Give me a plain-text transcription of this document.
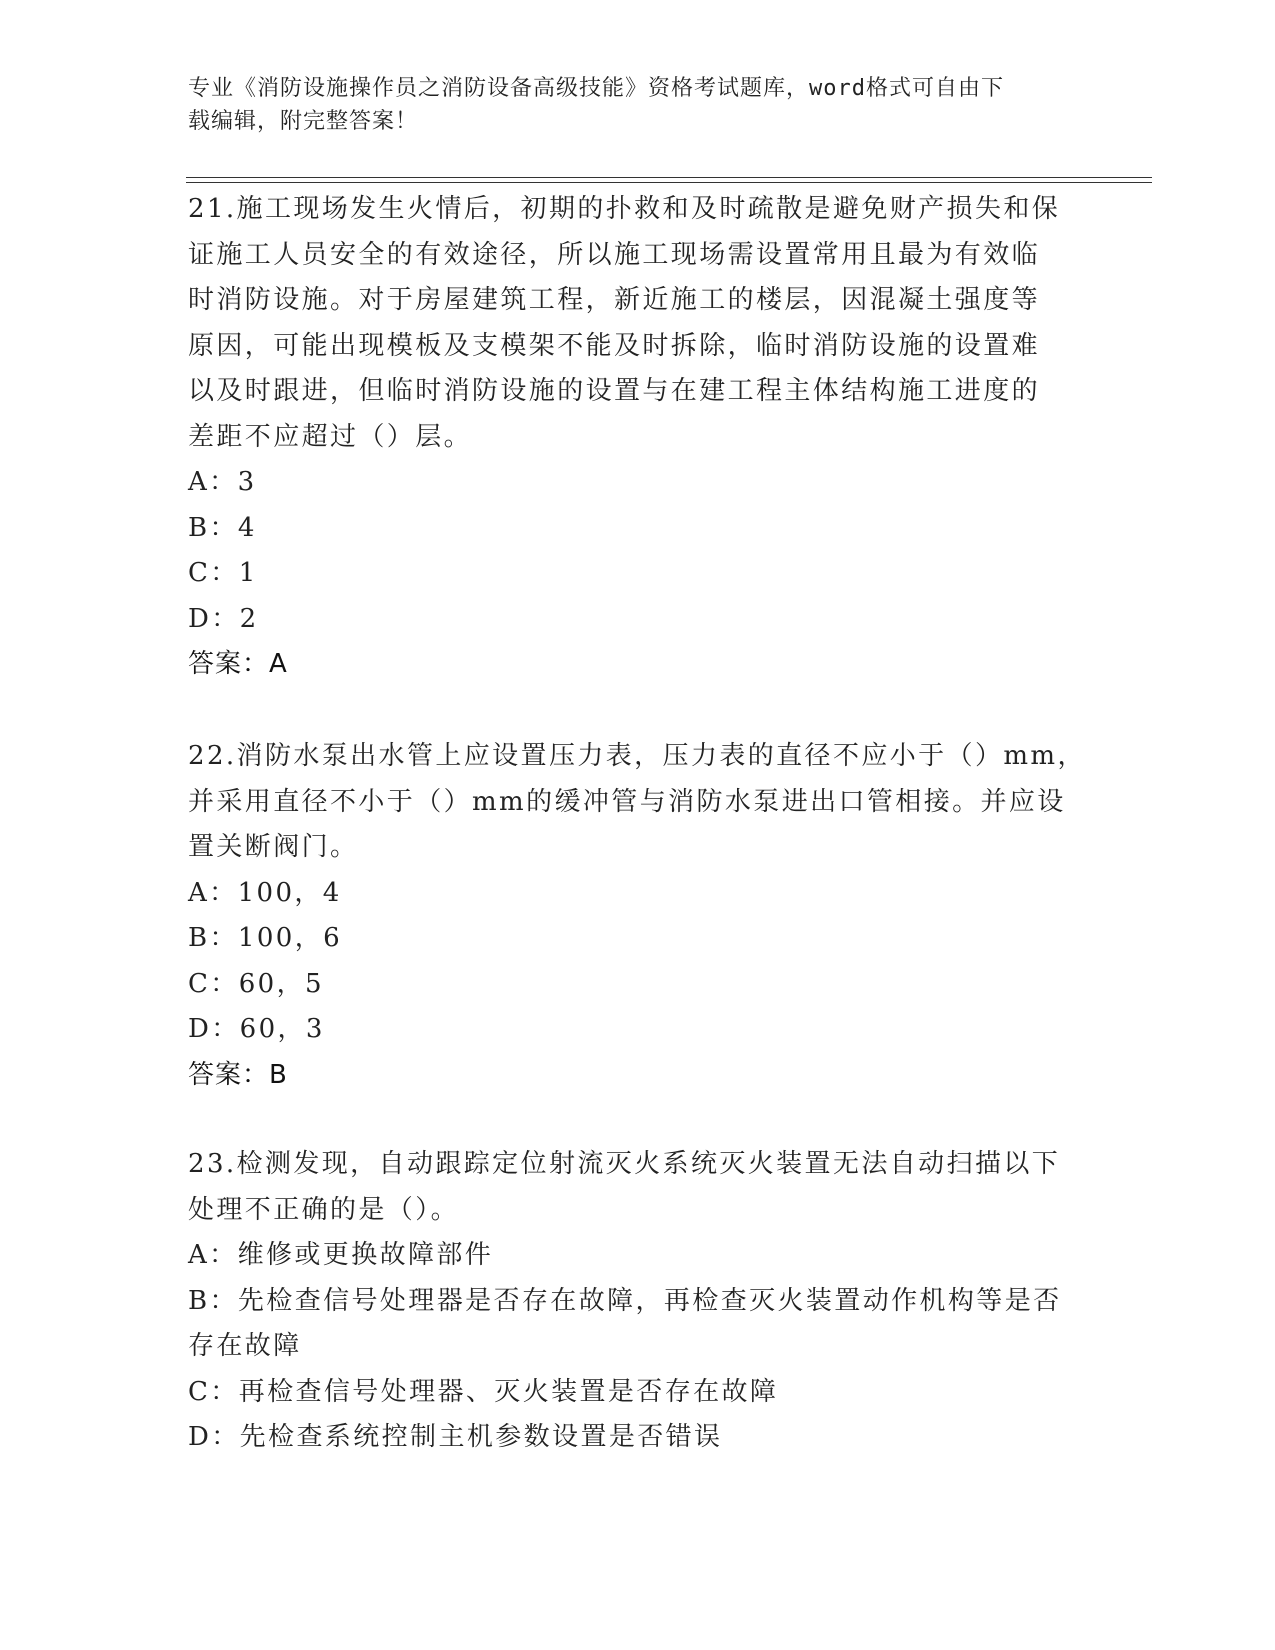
专业《消防设施操作员之消防设备高级技能》资格考试题库，word格式可自由下
载编辑，附完整答案！
21.施工现场发生火情后，初期的扑救和及时疏散是避免财产损失和保
证施工人员安全的有效途径，所以施工现场需设置常用且最为有效临
时消防设施。对于房屋建筑工程，新近施工的楼层，因混凝土强度等
原因，可能出现模板及支模架不能及时拆除，临时消防设施的设置难
以及时跟进，但临时消防设施的设置与在建工程主体结构施工进度的
差距不应超过（）层。
A：3
B：4
C：1
D：2
答案：A
22.消防水泵出水管上应设置压力表，压力表的直径不应小于（）mm，
并采用直径不小于（）mm的缓冲管与消防水泵进出口管相接。并应设
置关断阀门。
A：100，4
B：100，6
C：60，5
D：60，3
答案：B
23.检测发现，自动跟踪定位射流灭火系统灭火装置无法自动扫描以下
处理不正确的是（）。
A：维修或更换故障部件
B：先检查信号处理器是否存在故障，再检查灭火装置动作机构等是否
存在故障
C：再检查信号处理器、灭火装置是否存在故障
D：先检查系统控制主机参数设置是否错误
